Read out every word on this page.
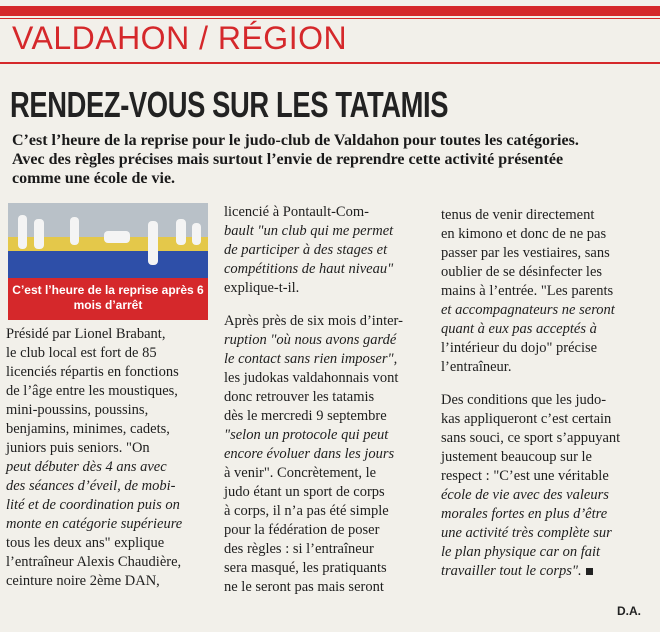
VALDAHON / RÉGION
RENDEZ-VOUS SUR LES TATAMIS
C’est l’heure de la reprise pour le judo-club de Valdahon pour toutes les catégories.
Avec des règles précises mais surtout l’envie de reprendre cette activité présentée
comme une école de vie.
C’est l’heure de la reprise après 6
mois d’arrêt
Présidé par Lionel Brabant,
le club local est fort de 85
licenciés répartis en fonctions
de l’âge entre les moustiques,
mini-poussins, poussins,
benjamins, minimes, cadets,
juniors puis seniors. "On
peut débuter dès 4 ans avec
des séances d’éveil, de mobi-
lité et de coordination puis on
monte en catégorie supérieure
tous les deux ans" explique
l’entraîneur Alexis Chaudière,
ceinture noire 2ème DAN,
licencié à Pontault-Com-
bault "un club qui me permet
de participer à des stages et
compétitions de haut niveau"
explique-t-il.
Après près de six mois d’inter-
ruption "où nous avons gardé
le contact sans rien imposer",
les judokas valdahonnais vont
donc retrouver les tatamis
dès le mercredi 9 septembre
"selon un protocole qui peut
encore évoluer dans les jours
à venir". Concrètement, le
judo étant un sport de corps
à corps, il n’a pas été simple
pour la fédération de poser
des règles : si l’entraîneur
sera masqué, les pratiquants
ne le seront pas mais seront
tenus de venir directement
en kimono et donc de ne pas
passer par les vestiaires, sans
oublier de se désinfecter les
mains à l’entrée. "Les parents
et accompagnateurs ne seront
quant à eux pas acceptés à
l’intérieur du dojo" précise
l’entraîneur.
Des conditions que les judo-
kas appliqueront c’est certain
sans souci, ce sport s’appuyant
justement beaucoup sur le
respect : "C’est une véritable
école de vie avec des valeurs
morales fortes en plus d’être
une activité très complète sur
le plan physique car on fait
travailler tout le corps".
D.A.
